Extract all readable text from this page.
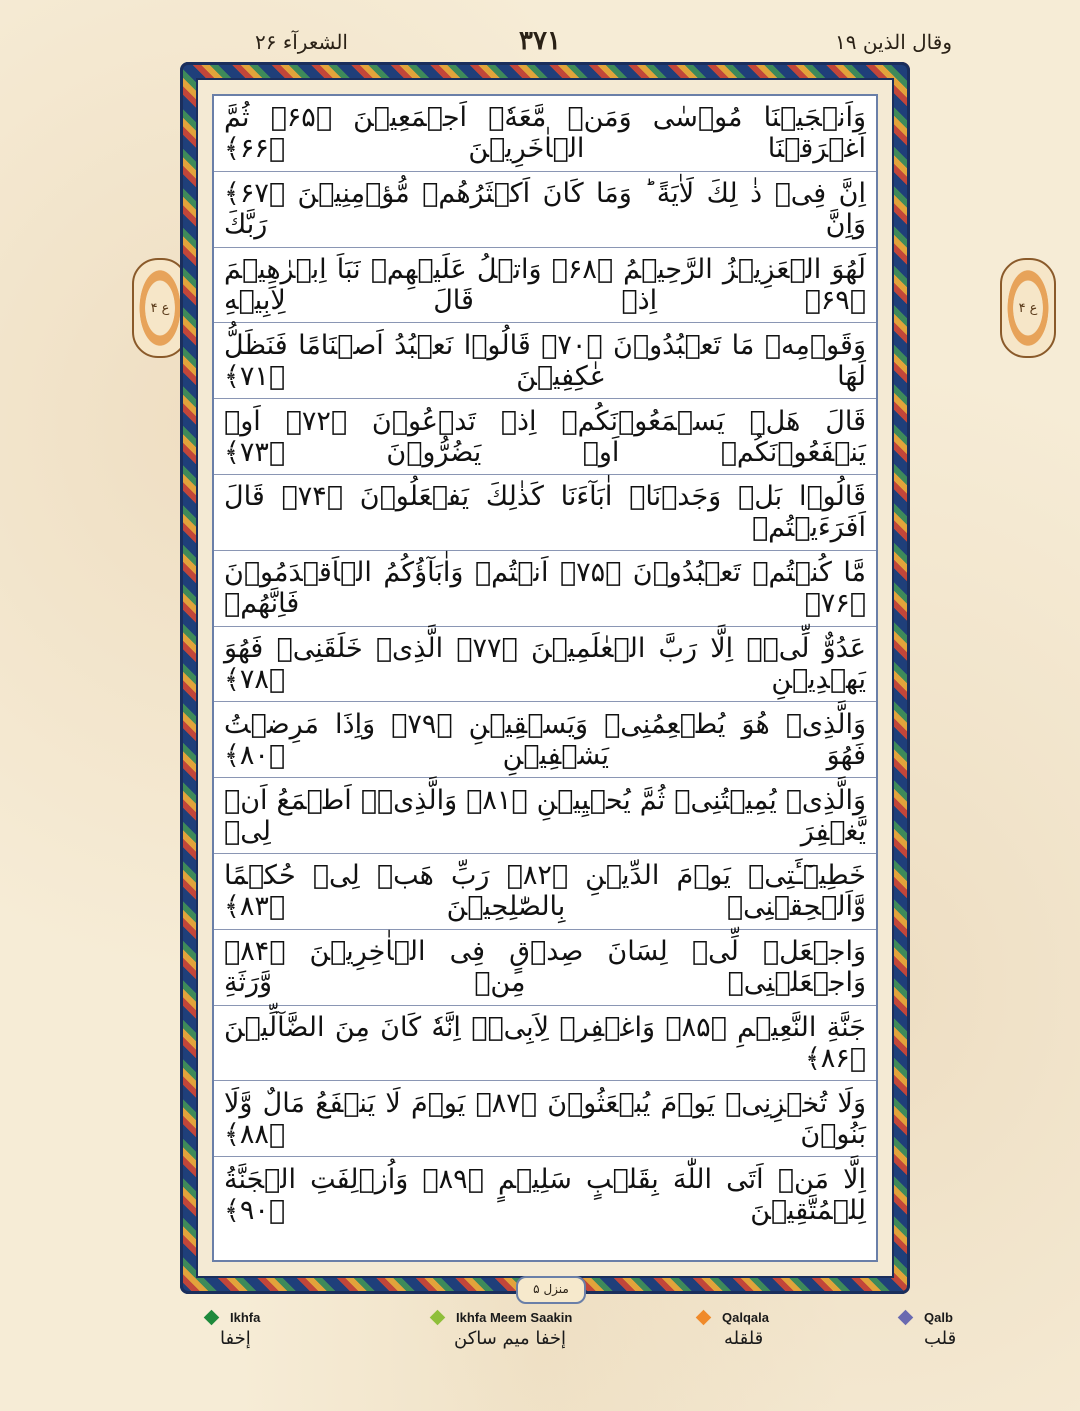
وقال الذین ۱۹
۳۷۱
الشعرآء ۲۶
ع ۴	ع ۴
وَاَنۡجَيۡنَا مُوۡسٰى وَمَنۡ مَّعَهٗۤ اَجۡمَعِيۡنَ ﴿۶۵﴾ ثُمَّ اَغۡرَقۡنَا الۡاٰخَرِيۡنَ ﴿۶۶﴾
اِنَّ فِىۡ ذٰ لِكَ لَاٰيَةً ؕ وَمَا كَانَ اَكۡثَرُهُمۡ مُّؤۡمِنِيۡنَ ﴿۶۷﴾ وَاِنَّ رَبَّكَ
لَهُوَ الۡعَزِيۡزُ الرَّحِيۡمُ ﴿۶۸﴾ وَاتۡلُ عَلَيۡهِمۡ نَبَاَ اِبۡرٰهِيۡمَ ﴿۶۹﴾ اِذۡ قَالَ لِاَبِيۡهِ
وَقَوۡمِهٖ مَا تَعۡبُدُوۡنَ ﴿۷۰﴾ قَالُوۡا نَعۡبُدُ اَصۡنَامًا فَنَظَلُّ لَهَا عٰكِفِيۡنَ ﴿۷۱﴾
قَالَ هَلۡ يَسۡمَعُوۡنَكُمۡ اِذۡ تَدۡعُوۡنَ ﴿۷۲﴾ اَوۡ يَنۡفَعُوۡنَكُمۡ اَوۡ يَضُرُّوۡنَ ﴿۷۳﴾
قَالُوۡا بَلۡ وَجَدۡنَاۤ اٰبَآءَنَا كَذٰلِكَ يَفۡعَلُوۡنَ ﴿۷۴﴾ قَالَ اَفَرَءَيۡتُمۡ
مَّا كُنۡتُمۡ تَعۡبُدُوۡنَ ﴿۷۵﴾ اَنۡتُمۡ وَاٰبَآؤُكُمُ الۡاَقۡدَمُوۡنَ ﴿۷۶﴾ فَاِنَّهُمۡ
عَدُوٌّ لِّىۡۤ اِلَّا رَبَّ الۡعٰلَمِيۡنَ ﴿۷۷﴾ الَّذِىۡ خَلَقَنِىۡ فَهُوَ يَهۡدِيۡنِ ﴿۷۸﴾
وَالَّذِىۡ هُوَ يُطۡعِمُنِىۡ وَيَسۡقِيۡنِ ﴿۷۹﴾ وَاِذَا مَرِضۡتُ فَهُوَ يَشۡفِيۡنِ ﴿۸۰﴾
وَالَّذِىۡ يُمِيۡتُنِىۡ ثُمَّ يُحۡيِيۡنِ ﴿۸۱﴾ وَالَّذِىۡۤ اَطۡمَعُ اَنۡ يَّغۡفِرَ لِىۡ
خَطِيۡٓـَٔتِىۡ يَوۡمَ الدِّيۡنِ ﴿۸۲﴾ رَبِّ هَبۡ لِىۡ حُكۡمًا وَّاَلۡحِقۡنِىۡ بِالصّٰلِحِيۡنَ ﴿۸۳﴾
وَاجۡعَلۡ لِّىۡ لِسَانَ صِدۡقٍ فِى الۡاٰخِرِيۡنَ ﴿۸۴﴾ وَاجۡعَلۡنِىۡ مِنۡ وَّرَثَةِ
جَنَّةِ النَّعِيۡمِ ﴿۸۵﴾ وَاغۡفِرۡ لِاَبِىۡۤ اِنَّهٗ كَانَ مِنَ الضَّآلِّيۡنَ ﴿۸۶﴾
وَلَا تُخۡزِنِىۡ يَوۡمَ يُبۡعَثُوۡنَ ﴿۸۷﴾ يَوۡمَ لَا يَنۡفَعُ مَالٌ وَّلَا بَنُوۡنَ ﴿۸۸﴾
اِلَّا مَنۡ اَتَى اللّٰهَ بِقَلۡبٍ سَلِيۡمٍ ﴿۸۹﴾ وَاُزۡلِفَتِ الۡجَنَّةُ لِلۡمُتَّقِيۡنَ ﴿۹۰﴾
منزل ۵
Ikhfa
إخفا
Ikhfa Meem Saakin
إخفا میم ساکن
Qalqala
قلقله
Qalb
قلب
